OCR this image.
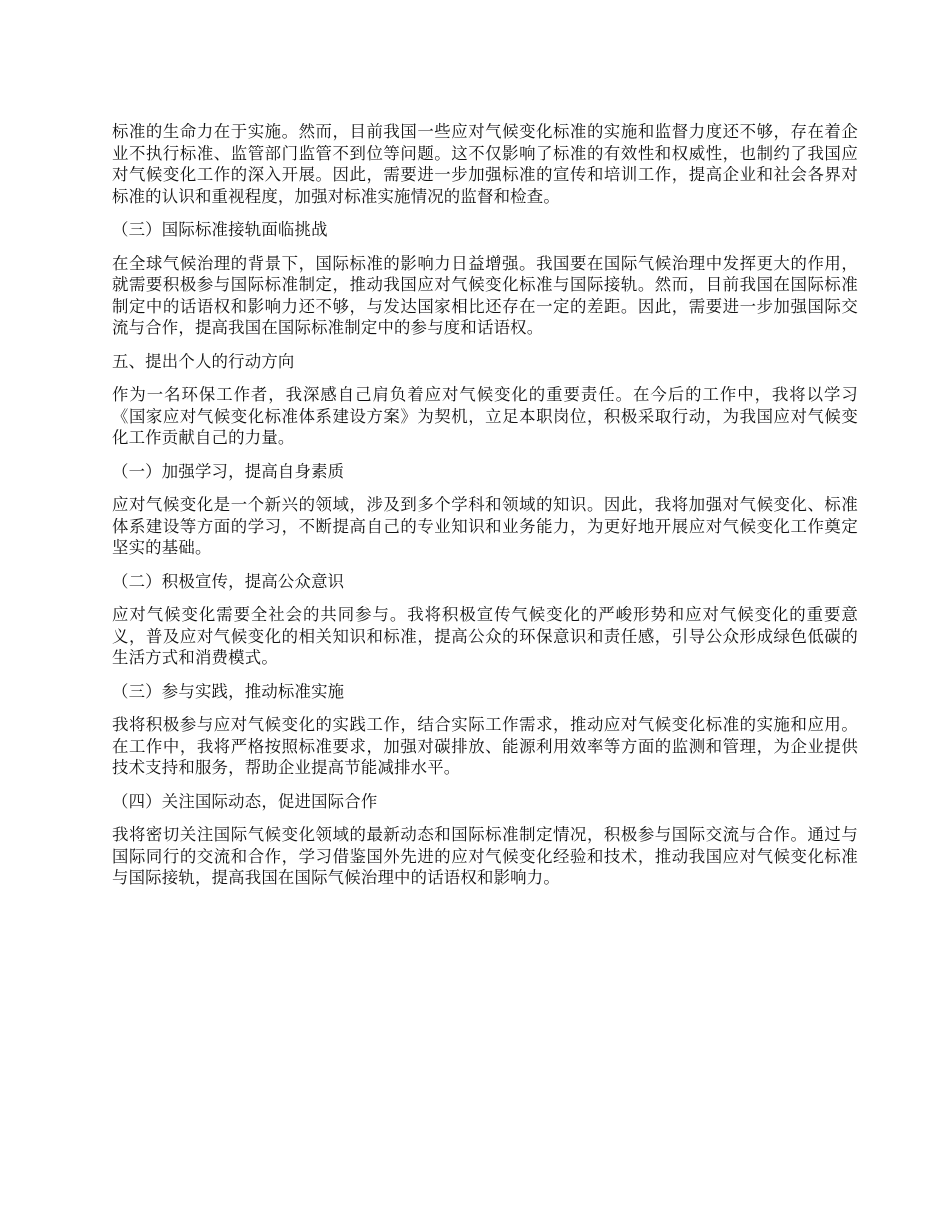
标准的生命力在于实施。然而，目前我国一些应对气候变化标准的实施和监督力度还不够，存在着企业不执行标准、监管部门监管不到位等问题。这不仅影响了标准的有效性和权威性，也制约了我国应对气候变化工作的深入开展。因此，需要进一步加强标准的宣传和培训工作，提高企业和社会各界对标准的认识和重视程度，加强对标准实施情况的监督和检查。

（三）国际标准接轨面临挑战

在全球气候治理的背景下，国际标准的影响力日益增强。我国要在国际气候治理中发挥更大的作用，就需要积极参与国际标准制定，推动我国应对气候变化标准与国际接轨。然而，目前我国在国际标准制定中的话语权和影响力还不够，与发达国家相比还存在一定的差距。因此，需要进一步加强国际交流与合作，提高我国在国际标准制定中的参与度和话语权。

五、提出个人的行动方向

作为一名环保工作者，我深感自己肩负着应对气候变化的重要责任。在今后的工作中，我将以学习《国家应对气候变化标准体系建设方案》为契机，立足本职岗位，积极采取行动，为我国应对气候变化工作贡献自己的力量。

（一）加强学习，提高自身素质

应对气候变化是一个新兴的领域，涉及到多个学科和领域的知识。因此，我将加强对气候变化、标准体系建设等方面的学习，不断提高自己的专业知识和业务能力，为更好地开展应对气候变化工作奠定坚实的基础。

（二）积极宣传，提高公众意识

应对气候变化需要全社会的共同参与。我将积极宣传气候变化的严峻形势和应对气候变化的重要意义，普及应对气候变化的相关知识和标准，提高公众的环保意识和责任感，引导公众形成绿色低碳的生活方式和消费模式。

（三）参与实践，推动标准实施

我将积极参与应对气候变化的实践工作，结合实际工作需求，推动应对气候变化标准的实施和应用。在工作中，我将严格按照标准要求，加强对碳排放、能源利用效率等方面的监测和管理，为企业提供技术支持和服务，帮助企业提高节能减排水平。

（四）关注国际动态，促进国际合作

我将密切关注国际气候变化领域的最新动态和国际标准制定情况，积极参与国际交流与合作。通过与国际同行的交流和合作，学习借鉴国外先进的应对气候变化经验和技术，推动我国应对气候变化标准与国际接轨，提高我国在国际气候治理中的话语权和影响力。
